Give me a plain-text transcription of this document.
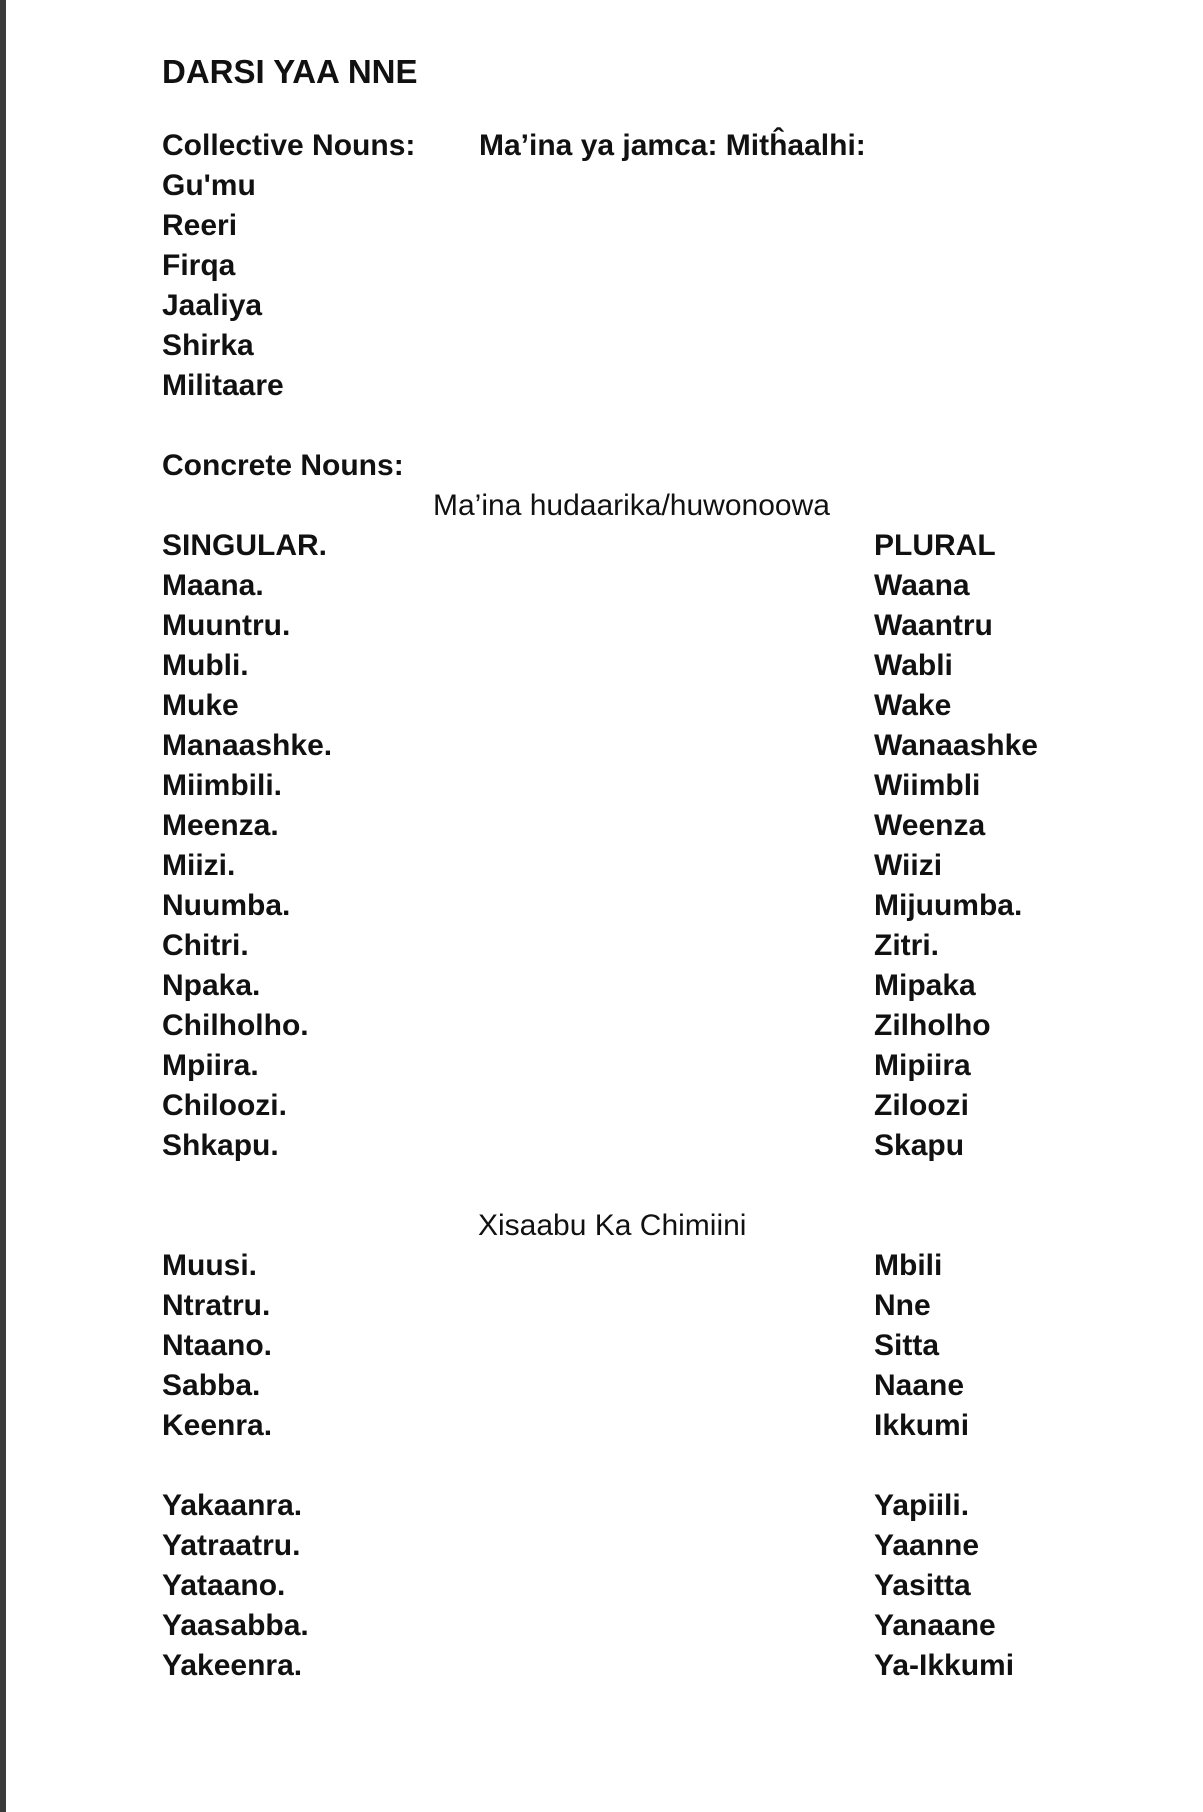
DARSI YAA NNE
Collective Nouns: Ma’ina ya jamca: Mitĥaalhi:
Gu'mu
Reeri
Firqa
Jaaliya
Shirka
Militaare
Concrete Nouns:
Ma’ina hudaarika/huwonoowa
SINGULAR.	PLURAL
Maana.	Waana
Muuntru.	Waantru
Mubli.	Wabli
Muke	Wake
Manaashke.	Wanaashke
Miimbili.	Wiimbli
Meenza.	Weenza
Miizi.	Wiizi
Nuumba.	Mijuumba.
Chitri.	Zitri.
Npaka.	Mipaka
Chilholho.	Zilholho
Mpiira.	Mipiira
Chiloozi.	Ziloozi
Shkapu.	Skapu
Xisaabu Ka Chimiini
Muusi.	Mbili
Ntratru.	Nne
Ntaano.	Sitta
Sabba.	Naane
Keenra.	Ikkumi
Yakaanra.	Yapiili.
Yatraatru.	Yaanne
Yataano.	Yasitta
Yaasabba.	Yanaane
Yakeenra.	Ya-Ikkumi
